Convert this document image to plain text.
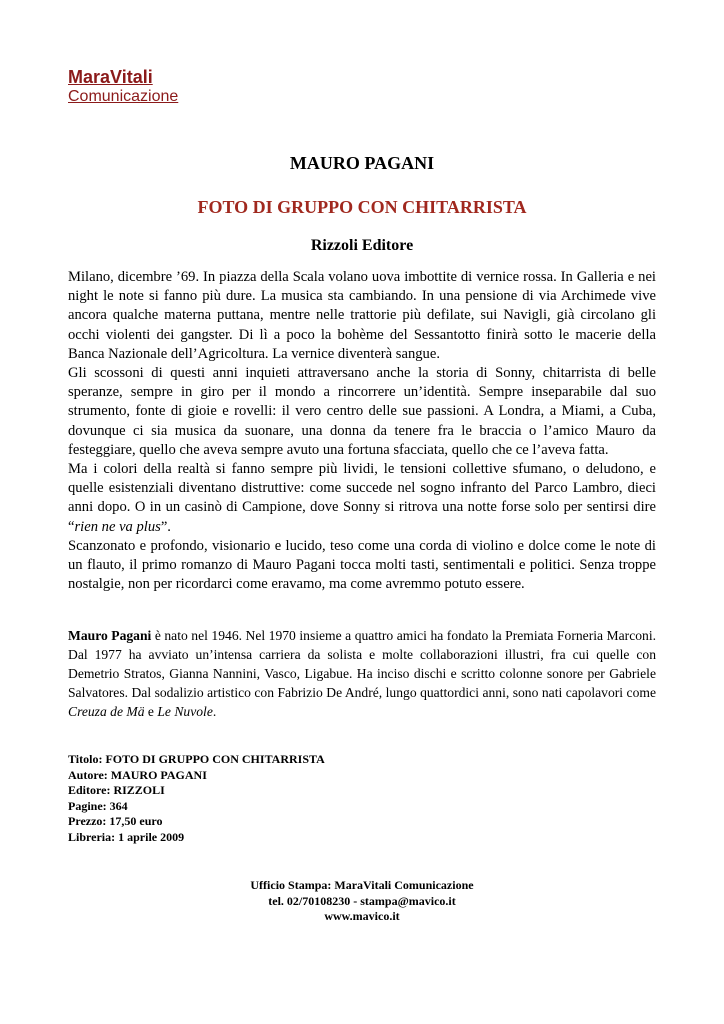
MaraVitali
Comunicazione
MAURO PAGANI
FOTO DI GRUPPO CON CHITARRISTA
Rizzoli Editore

Milano, dicembre ’69. In piazza della Scala volano uova imbottite di vernice rossa. In Galleria e nei night le note si fanno più dure. La musica sta cambiando. In una pensione di via Archimede vive ancora qualche materna puttana, mentre nelle trattorie più defilate, sui Navigli, già circolano gli occhi violenti dei gangster. Di lì a poco la bohème del Sessantotto finirà sotto le macerie della Banca Nazionale dell’Agricoltura. La vernice diventerà sangue.

Gli scossoni di questi anni inquieti attraversano anche la storia di Sonny, chitarrista di belle speranze, sempre in giro per il mondo a rincorrere un’identità. Sempre inseparabile dal suo strumento, fonte di gioie e rovelli: il vero centro delle sue passioni. A Londra, a Miami, a Cuba, dovunque ci sia musica da suonare, una donna da tenere fra le braccia o l’amico Mauro da festeggiare, quello che aveva sempre avuto una fortuna sfacciata, quello che ce l’aveva fatta.

Ma i colori della realtà si fanno sempre più lividi, le tensioni collettive sfumano, o deludono, e quelle esistenziali diventano distruttive: come succede nel sogno infranto del Parco Lambro, dieci anni dopo. O in un casinò di Campione, dove Sonny si ritrova una notte forse solo per sentirsi dire “rien ne va plus”.

Scanzonato e profondo, visionario e lucido, teso come una corda di violino e dolce come le note di un flauto, il primo romanzo di Mauro Pagani tocca molti tasti, sentimentali e politici. Senza troppe nostalgie, non per ricordarci come eravamo, ma come avremmo potuto essere.

Mauro Pagani è nato nel 1946. Nel 1970 insieme a quattro amici ha fondato la Premiata Forneria Marconi. Dal 1977 ha avviato un’intensa carriera da solista e molte collaborazioni illustri, fra cui quelle con Demetrio Stratos, Gianna Nannini, Vasco, Ligabue. Ha inciso dischi e scritto colonne sonore per Gabriele Salvatores. Dal sodalizio artistico con Fabrizio De André, lungo quattordici anni, sono nati capolavori come Creuza de Mä e Le Nuvole.

Titolo: FOTO DI GRUPPO CON CHITARRISTA
Autore: MAURO PAGANI
Editore: RIZZOLI
Pagine: 364
Prezzo: 17,50 euro
Libreria: 1 aprile 2009
Ufficio Stampa: MaraVitali Comunicazione
tel. 02/70108230 - stampa@mavico.it
www.mavico.it
